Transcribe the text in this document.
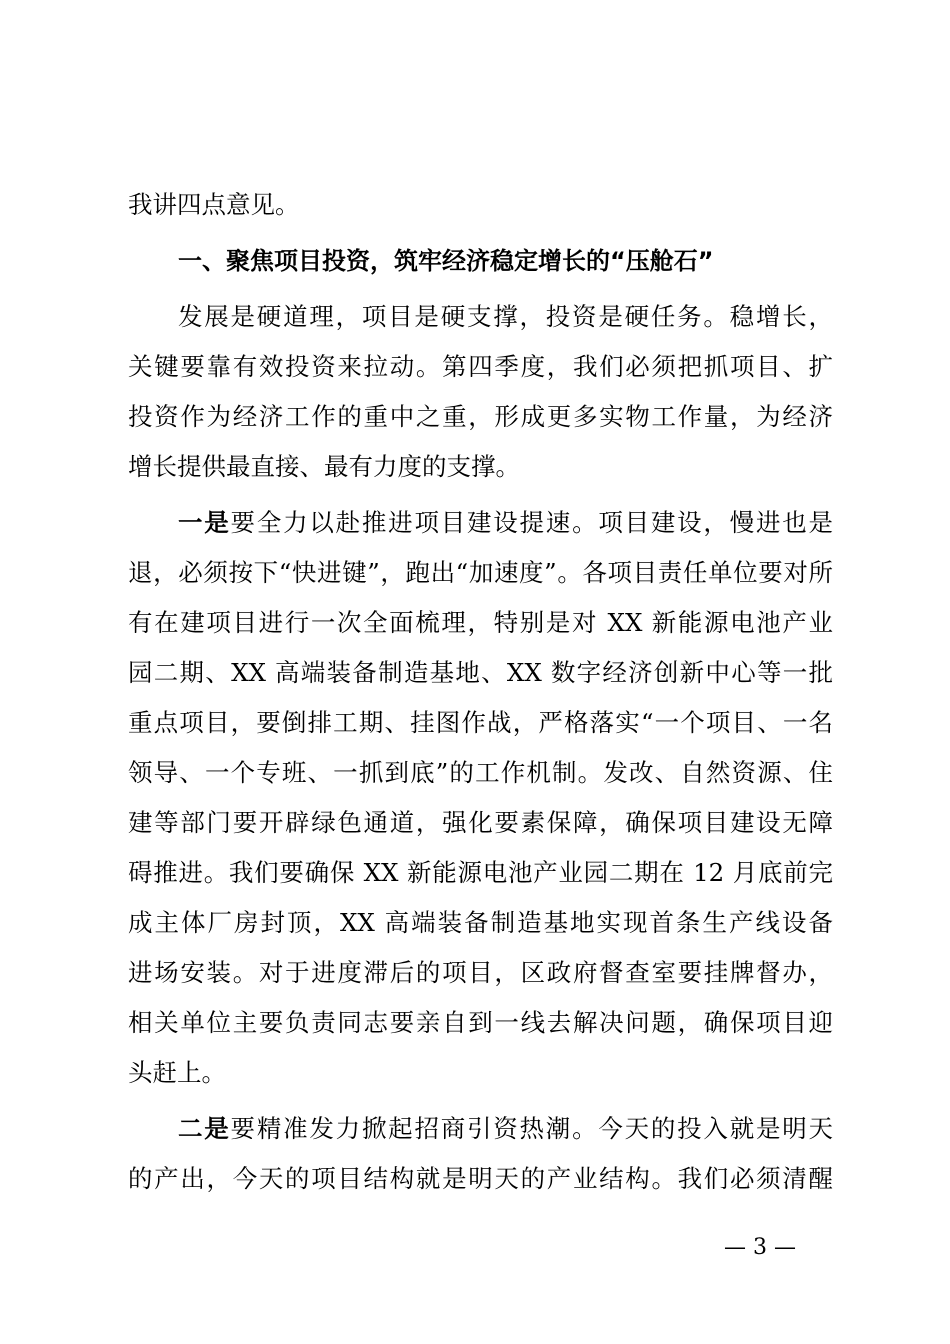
我讲四点意见。
一、聚焦项目投资，筑牢经济稳定增长的“压舱石”
发展是硬道理，项目是硬支撑，投资是硬任务。稳增长，
关键要靠有效投资来拉动。第四季度，我们必须把抓项目、扩
投资作为经济工作的重中之重，形成更多实物工作量，为经济
增长提供最直接、最有力度的支撑。
一是要全力以赴推进项目建设提速。项目建设，慢进也是
退，必须按下“快进键”，跑出“加速度”。各项目责任单位要对所
有在建项目进行一次全面梳理，特别是对 XX 新能源电池产业
园二期、XX 高端装备制造基地、XX 数字经济创新中心等一批
重点项目，要倒排工期、挂图作战，严格落实“一个项目、一名
领导、一个专班、一抓到底”的工作机制。发改、自然资源、住
建等部门要开辟绿色通道，强化要素保障，确保项目建设无障
碍推进。我们要确保 XX 新能源电池产业园二期在 12 月底前完
成主体厂房封顶，XX 高端装备制造基地实现首条生产线设备
进场安装。对于进度滞后的项目，区政府督查室要挂牌督办，
相关单位主要负责同志要亲自到一线去解决问题，确保项目迎
头赶上。
二是要精准发力掀起招商引资热潮。今天的投入就是明天
的产出，今天的项目结构就是明天的产业结构。我们必须清醒
— 3 —
